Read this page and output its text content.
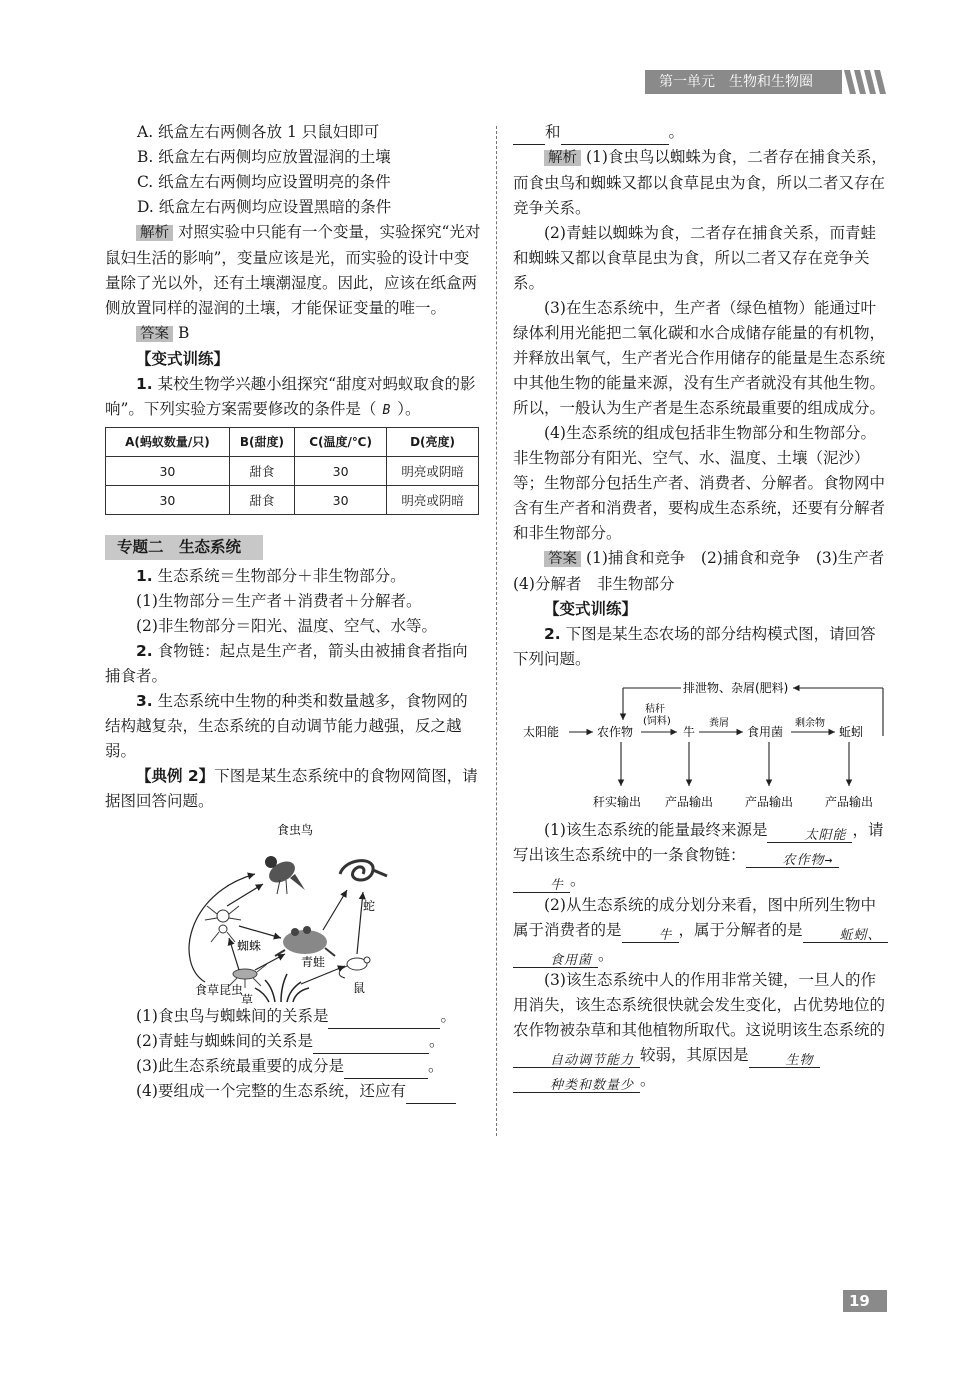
第一单元　生物和生物圈

A. 纸盒左右两侧各放 1 只鼠妇即可

B. 纸盒左右两侧均应放置湿润的土壤

C. 纸盒左右两侧均应设置明亮的条件

D. 纸盒左右两侧均应设置黑暗的条件

解析 对照实验中只能有一个变量，实验探究“光对鼠妇生活的影响”，变量应该是光，而实验的设计中变量除了光以外，还有土壤潮湿度。因此，应该在纸盒两侧放置同样的湿润的土壤，才能保证变量的唯一。

答案 B

【变式训练】

1. 某校生物学兴趣小组探究“甜度对蚂蚁取食的影响”。下列实验方案需要修改的条件是（ B ）。

A(蚂蚁数量/只)	B(甜度)	C(温度/℃)	D(亮度)
30	甜食	30	明亮或阴暗
30	甜食	30	明亮或阴暗
专题二　生态系统

1. 生态系统＝生物部分＋非生物部分。

(1)生物部分＝生产者＋消费者＋分解者。

(2)非生物部分＝阳光、温度、空气、水等。

2. 食物链：起点是生产者，箭头由被捕食者指向捕食者。

3. 生态系统中生物的种类和数量越多，食物网的结构越复杂，生态系统的自动调节能力越强，反之越弱。

【典例 2】下图是某生态系统中的食物网简图，请据图回答问题。

食虫鸟
蛇
蜘蛛
青蛙
鼠
食草昆虫
草

(1)食虫鸟与蜘蛛间的关系是	。

(2)青蛙与蜘蛛间的关系是	。

(3)此生态系统最重要的成分是	。

(4)要组成一个完整的生态系统，还应有

和	。

解析 (1)食虫鸟以蜘蛛为食，二者存在捕食关系，而食虫鸟和蜘蛛又都以食草昆虫为食，所以二者又存在竞争关系。

(2)青蛙以蜘蛛为食，二者存在捕食关系，而青蛙和蜘蛛又都以食草昆虫为食，所以二者又存在竞争关系。

(3)在生态系统中，生产者（绿色植物）能通过叶绿体利用光能把二氧化碳和水合成储存能量的有机物，并释放出氧气，生产者光合作用储存的能量是生态系统中其他生物的能量来源，没有生产者就没有其他生物。所以，一般认为生产者是生态系统最重要的组成成分。

(4)生态系统的组成包括非生物部分和生物部分。非生物部分有阳光、空气、水、温度、土壤（泥沙）等；生物部分包括生产者、消费者、分解者。食物网中含有生产者和消费者，要构成生态系统，还要有分解者和非生物部分。

答案 (1)捕食和竞争　(2)捕食和竞争　(3)生产者　(4)分解者　非生物部分

【变式训练】

2. 下图是某生态农场的部分结构模式图，请回答下列问题。

排泄物、杂屑(肥料)
太阳能	农作物
秸秆
(饲料)
牛
粪屑
食用菌
剩余物
蚯蚓
秆实输出 产品输出	产品输出	产品输出

(1)该生态系统的能量最终来源是	太阳能 ，请写出该生态系统中的一条食物链：	农作物→牛 。

(2)从生态系统的成分划分来看，图中所列生物中属于消费者的是	牛 ，属于分解者的是	蚯蚓、食用菌 。

(3)该生态系统中人的作用非常关键，一旦人的作用消失，该生态系统很快就会发生变化，占优势地位的农作物被杂草和其他植物所取代。这说明该生态系统的自动调节能力 较弱，其原因是	生物种类和数量少 。

19
